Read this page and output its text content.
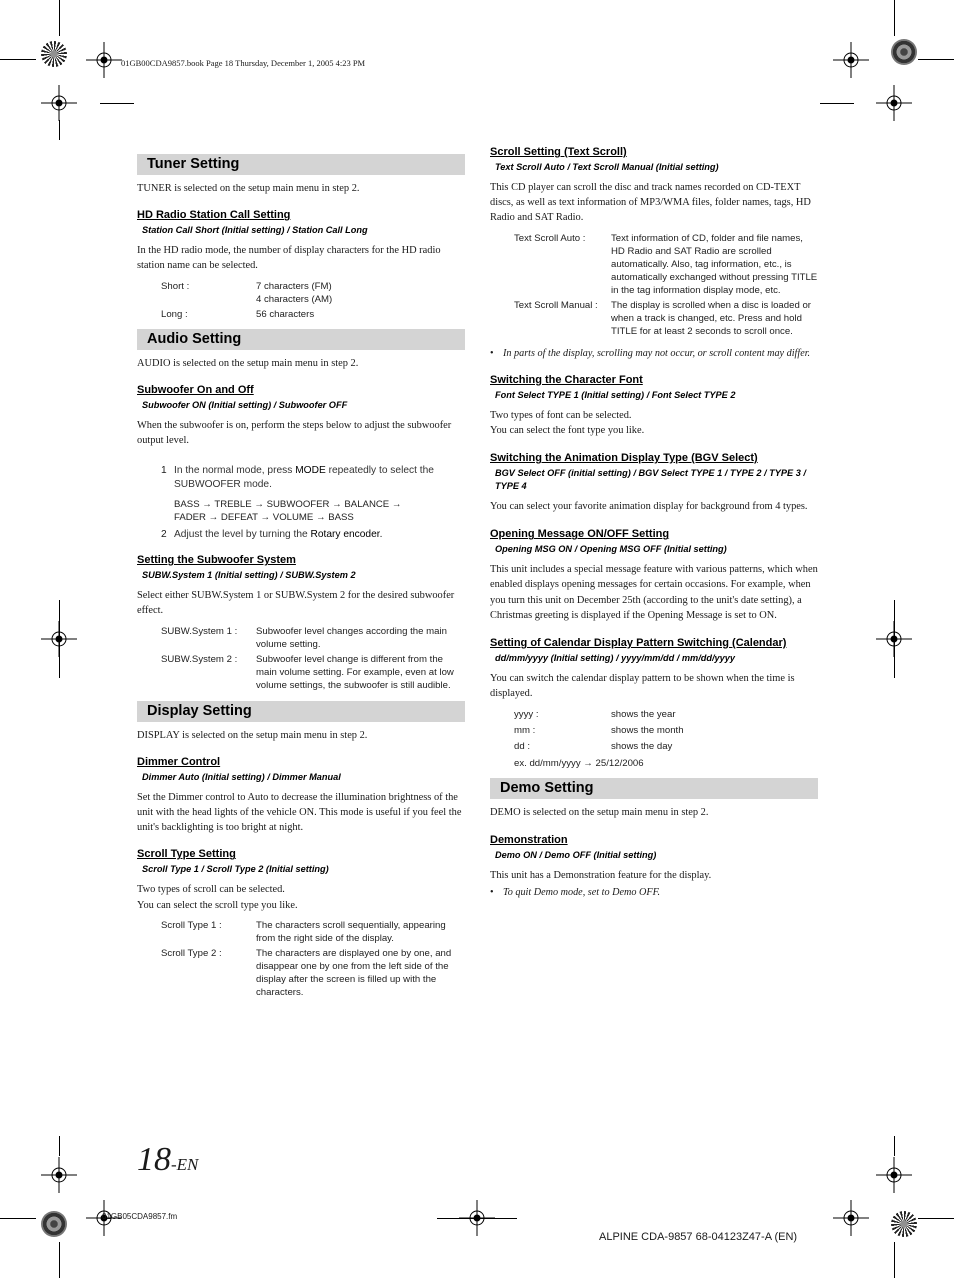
01GB00CDA9857.book Page 18 Thursday, December 1, 2005 4:23 PM
18-EN
01GB05CDA9857.fm
ALPINE CDA-9857 68-04123Z47-A (EN)
Tuner Setting

TUNER is selected on the setup main menu in step 2.

HD Radio Station Call Setting

Station Call Short (Initial setting) / Station Call Long

In the HD radio mode, the number of display characters for the HD radio station name can be selected.

Short :	7 characters (FM)
4 characters (AM)
Long :	56 characters
Audio Setting

AUDIO is selected on the setup main menu in step 2.

Subwoofer On and Off

Subwoofer ON (Initial setting) / Subwoofer OFF

When the subwoofer is on, perform the steps below to adjust the subwoofer output level.

1 In the normal mode, press MODE repeatedly to select the SUBWOOFER mode.
BASS → TREBLE → SUBWOOFER → BALANCE →
FADER → DEFEAT → VOLUME → BASS
2 Adjust the level by turning the Rotary encoder.

Setting the Subwoofer System

SUBW.System 1 (Initial setting) / SUBW.System 2

Select either SUBW.System 1 or SUBW.System 2 for the desired subwoofer effect.

SUBW.System 1 :	Subwoofer level changes according the main volume setting.
SUBW.System 2 :	Subwoofer level change is different from the main volume setting. For example, even at low volume settings, the subwoofer is still audible.
Display Setting

DISPLAY is selected on the setup main menu in step 2.

Dimmer Control

Dimmer Auto (Initial setting) / Dimmer Manual

Set the Dimmer control to Auto to decrease the illumination brightness of the unit with the head lights of the vehicle ON. This mode is useful if you feel the unit's backlighting is too bright at night.

Scroll Type Setting

Scroll Type 1 / Scroll Type 2 (Initial setting)

Two types of scroll can be selected.

You can select the scroll type you like.

Scroll Type 1 :	The characters scroll sequentially, appearing from the right side of the display.
Scroll Type 2 :	The characters are displayed one by one, and disappear one by one from the left side of the display after the screen is filled up with the characters.

Scroll Setting (Text Scroll)

Text Scroll Auto / Text Scroll Manual (Initial setting)

This CD player can scroll the disc and track names recorded on CD-TEXT discs, as well as text information of MP3/WMA files, folder names, tags, HD Radio and SAT Radio.

Text Scroll Auto :	Text information of CD, folder and file names, HD Radio and SAT Radio are scrolled automatically. Also, tag information, etc., is automatically exchanged without pressing TITLE in the tag information display mode, etc.
Text Scroll Manual :	The display is scrolled when a disc is loaded or when a track is changed, etc. Press and hold TITLE for at least 2 seconds to scroll once.
• In parts of the display, scrolling may not occur, or scroll content may differ.

Switching the Character Font

Font Select TYPE 1 (Initial setting) / Font Select TYPE 2

Two types of font can be selected.

You can select the font type you like.

Switching the Animation Display Type (BGV Select)

BGV Select OFF (initial setting) / BGV Select TYPE 1 / TYPE 2 / TYPE 3 / TYPE 4

You can select your favorite animation display for background from 4 types.

Opening Message ON/OFF Setting

Opening MSG ON / Opening MSG OFF (Initial setting)

This unit includes a special message feature with various patterns, which when enabled displays opening messages for certain occasions. For example, when you turn this unit on December 25th (according to the unit's date setting), a Christmas greeting is displayed if the Opening Message is set to ON.

Setting of Calendar Display Pattern Switching (Calendar)

dd/mm/yyyy (Initial setting) / yyyy/mm/dd / mm/dd/yyyy

You can switch the calendar display pattern to be shown when the time is displayed.

yyyy :	shows the year
mm :	shows the month
dd :	shows the day
ex. dd/mm/yyyy → 25/12/2006
Demo Setting

DEMO is selected on the setup main menu in step 2.

Demonstration

Demo ON / Demo OFF (Initial setting)

This unit has a Demonstration feature for the display.

• To quit Demo mode, set to Demo OFF.
